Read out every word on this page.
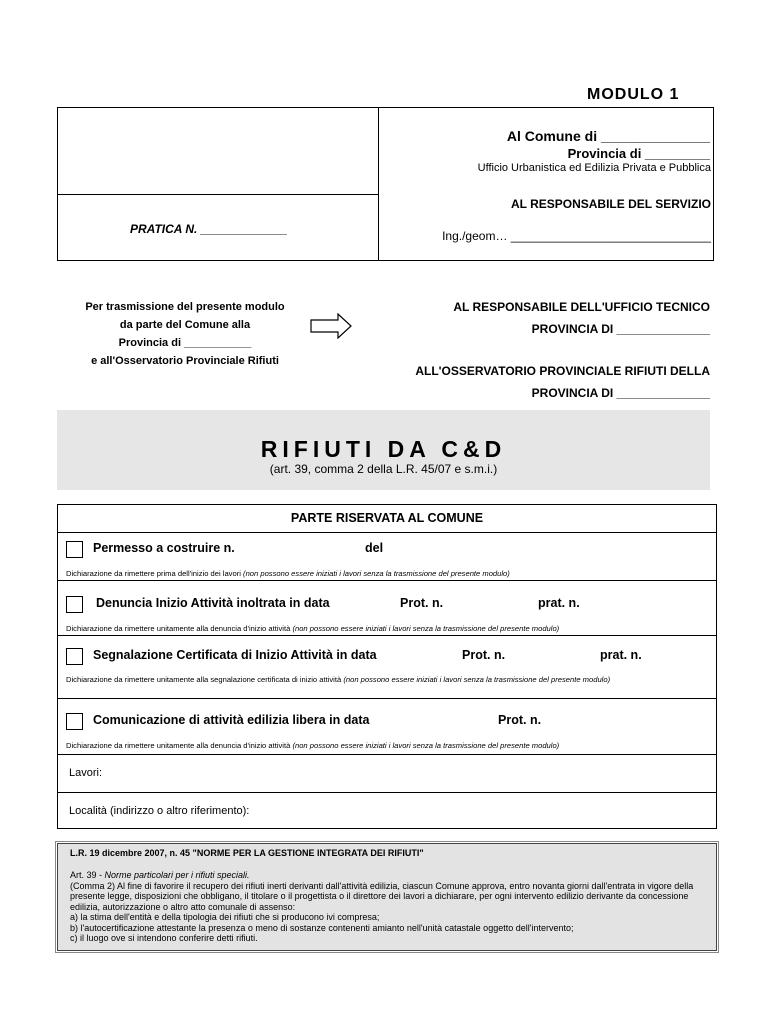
MODULO 1
Al Comune di ______________
Provincia di _________
Ufficio Urbanistica ed Edilizia Privata e Pubblica
AL RESPONSABILE DEL SERVIZIO
Ing./geom… ______________________________
PRATICA N. _____________
Per trasmissione del presente modulo
da parte del Comune alla
Provincia di ___________
e all'Osservatorio Provinciale Rifiuti
AL RESPONSABILE DELL'UFFICIO TECNICO
PROVINCIA DI ______________
ALL'OSSERVATORIO PROVINCIALE RIFIUTI DELLA
PROVINCIA DI ______________
RIFIUTI DA C&D
(art. 39, comma 2 della L.R. 45/07 e s.m.i.)
PARTE RISERVATA AL COMUNE
Permesso a costruire n.	del
Dichiarazione da rimettere prima dell'inizio dei lavori (non possono essere iniziati i lavori senza la trasmissione del presente modulo)
Denuncia Inizio Attività inoltrata in data	Prot. n.	prat. n.
Dichiarazione da rimettere unitamente alla denuncia d'inizio attività (non possono essere iniziati i lavori senza la trasmissione del presente modulo)
Segnalazione Certificata di Inizio Attività in data	Prot. n.	prat. n.
Dichiarazione da rimettere unitamente alla segnalazione certificata di inizio attività (non possono essere iniziati i lavori senza la trasmissione del presente modulo)
Comunicazione di attività edilizia libera in data	Prot. n.
Dichiarazione da rimettere unitamente alla denuncia d'inizio attività (non possono essere iniziati i lavori senza la trasmissione del presente modulo)
Lavori:
Località (indirizzo o altro riferimento):
L.R. 19 dicembre 2007, n. 45 "NORME PER LA GESTIONE INTEGRATA DEI RIFIUTI"
Art. 39 - Norme particolari per i rifiuti speciali.
(Comma 2) Al fine di favorire il recupero dei rifiuti inerti derivanti dall'attività edilizia, ciascun Comune approva, entro novanta giorni dall'entrata in vigore della presente legge, disposizioni che obbligano, il titolare o il progettista o il direttore dei lavori a dichiarare, per ogni intervento edilizio derivante da concessione edilizia, autorizzazione o altro atto comunale di assenso:
a) la stima dell'entità e della tipologia dei rifiuti che si producono ivi compresa;
b) l'autocertificazione attestante la presenza o meno di sostanze contenenti amianto nell'unità catastale oggetto dell'intervento;
c) il luogo ove si intendono conferire detti rifiuti.
